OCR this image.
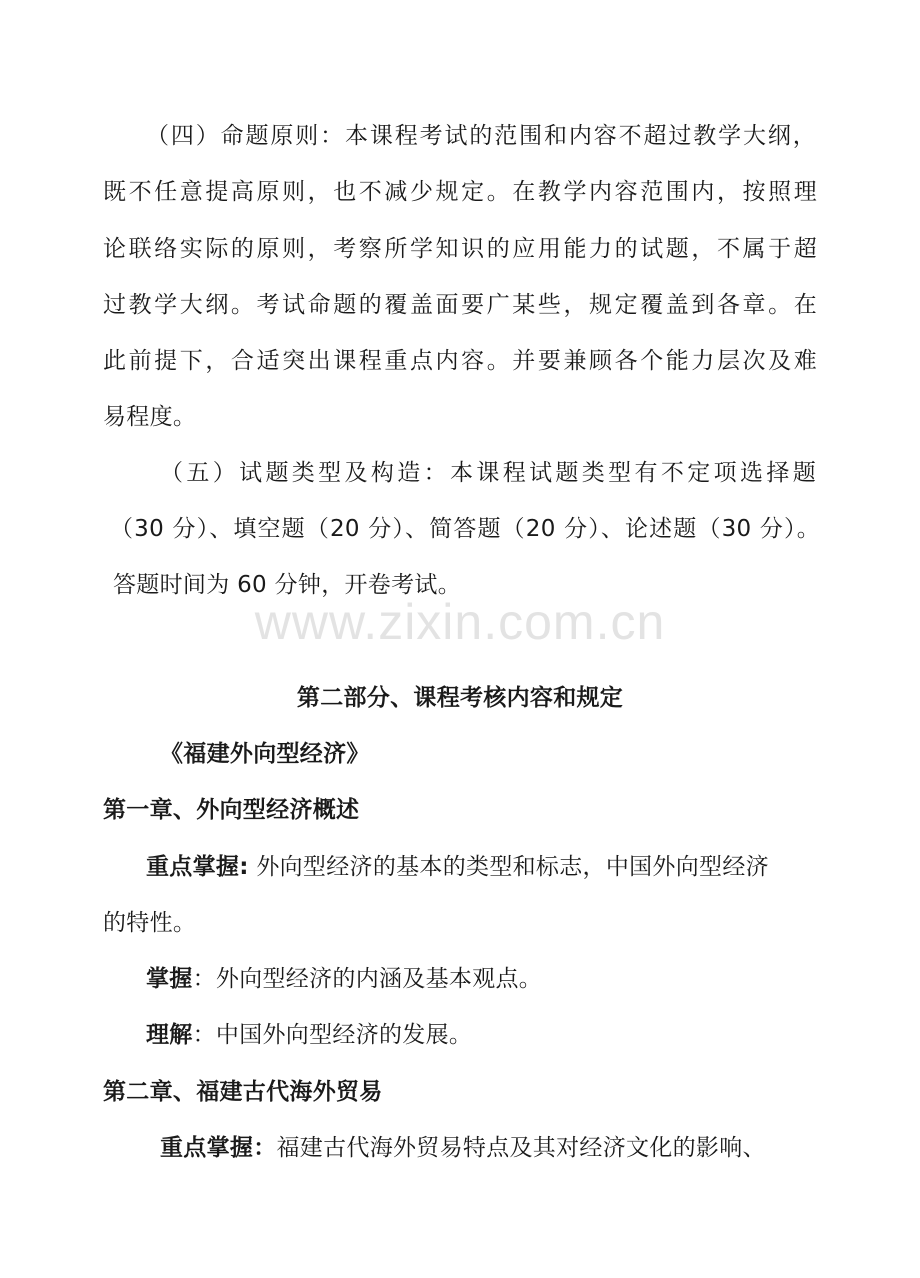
（四）命题原则：本课程考试的范围和内容不超过教学大纲，
既不任意提高原则，也不减少规定。在教学内容范围内，按照理
论联络实际的原则，考察所学知识的应用能力的试题，不属于超
过教学大纲。考试命题的覆盖面要广某些，规定覆盖到各章。在
此前提下，合适突出课程重点内容。并要兼顾各个能力层次及难
易程度。
（五）试题类型及构造：本课程试题类型有不定项选择题
（30 分）、填空题（20 分）、简答题（20 分）、论述题（30 分）。
答题时间为 60 分钟，开卷考试。
www.zixin.com.cn
第二部分、课程考核内容和规定
《福建外向型经济》
第一章、外向型经济概述
重点掌握: 外向型经济的基本的类型和标志，中国外向型经济
的特性。
掌握：外向型经济的内涵及基本观点。
理解：中国外向型经济的发展。
第二章、福建古代海外贸易
重点掌握：福建古代海外贸易特点及其对经济文化的影响、
